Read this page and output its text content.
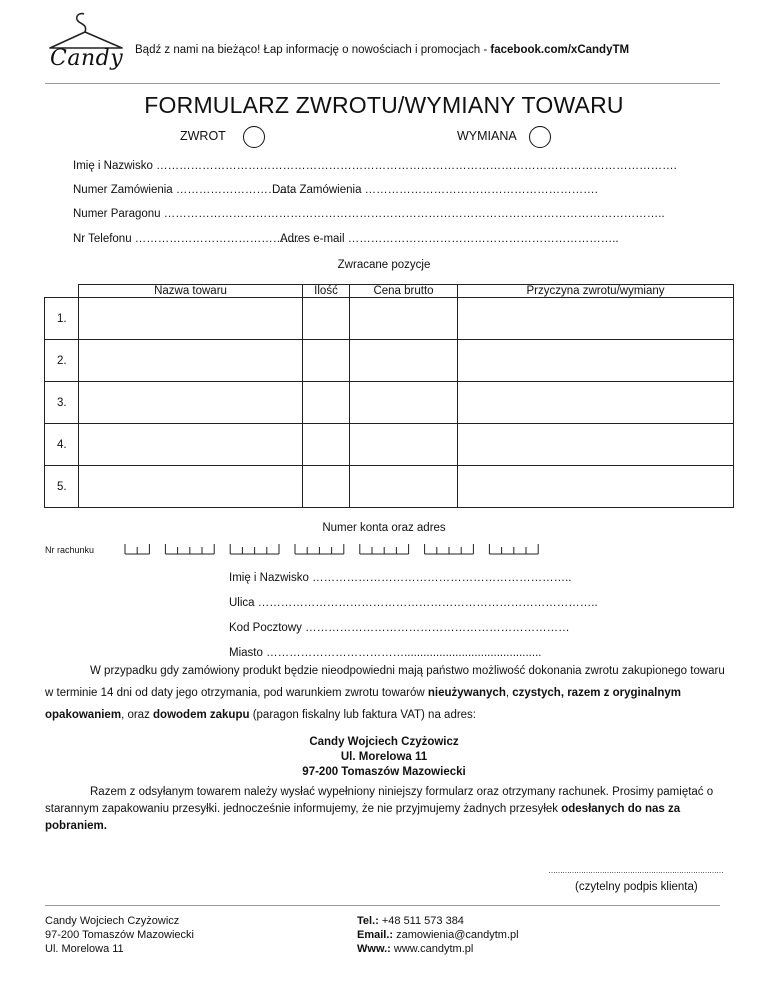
Candy Bądź z nami na bieżąco! Łap informację o nowościach i promocjach - facebook.com/xCandyTM
FORMULARZ ZWROTU/WYMIANY TOWARU
ZWROT	WYMIANA
Imię i Nazwisko ……………………………………………………………………………………………………………………….
Numer Zamówienia ……………………….…
Data Zamówienia …………………………………………………….
Numer Paragonu …………………………………………………………………………………………………………………..
Nr Telefonu …………………………………….
Adres e-mail ……………………………………………………………..
Zwracane pozycje
	Nazwa towaru	Ilość	Cena brutto	Przyczyna zwrotu/wymiany
1.				
2.				
3.				
4.				
5.				
Numer konta oraz adres
Nr rachunku
Imię i Nazwisko …………………………………………………………..
Ulica ……………………………………………………………………………..
Kod Pocztowy ……………………………………………………………
Miasto ………………………………...........................................
W przypadku gdy zamówiony produkt będzie nieodpowiedni mają państwo możliwość dokonania zwrotu zakupionego towaru w terminie 14 dni od daty jego otrzymania, pod warunkiem zwrotu towarów nieużywanych, czystych, razem z oryginalnym opakowaniem, oraz dowodem zakupu (paragon fiskalny lub faktura VAT) na adres:
Candy Wojciech Czyżowicz
Ul. Morelowa 11
97-200 Tomaszów Mazowiecki
Razem z odsyłanym towarem należy wysłać wypełniony niniejszy formularz oraz otrzymany rachunek. Prosimy pamiętać o starannym zapakowaniu przesyłki. jednocześnie informujemy, że nie przyjmujemy żadnych przesyłek odesłanych do nas za pobraniem.
…………………………………………………………………
(czytelny podpis klienta)
Candy Wojciech Czyżowicz
97-200 Tomaszów Mazowiecki
Ul. Morelowa 11
Tel.: +48 511 573 384
Email.: zamowienia@candytm.pl
Www.: www.candytm.pl
